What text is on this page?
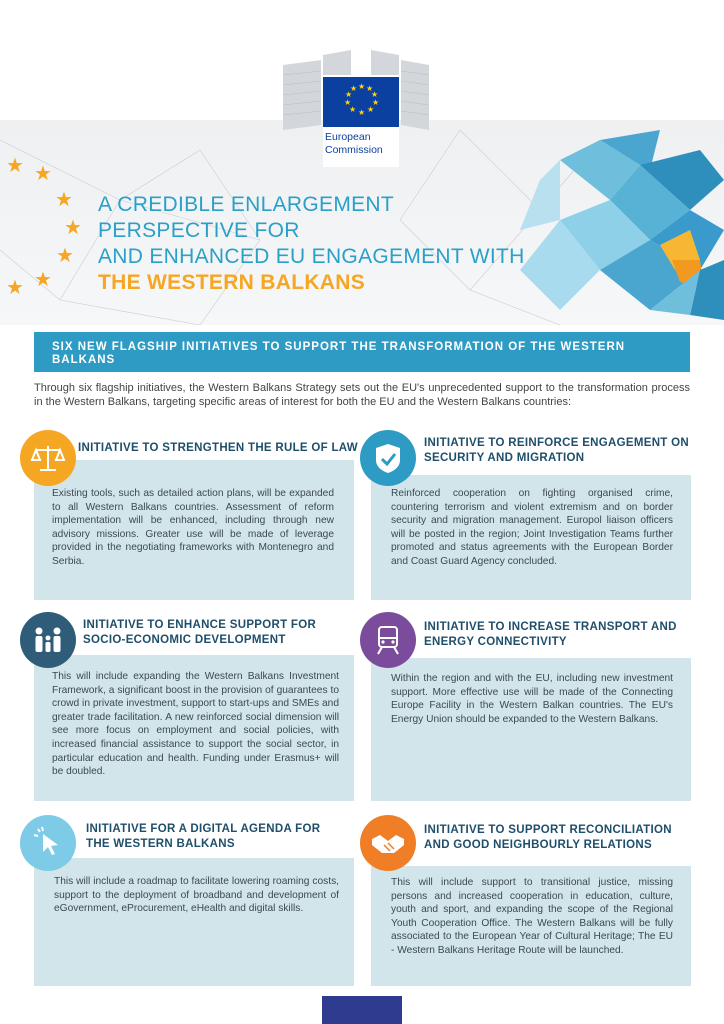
★ ★
★
★
★
★
★
★ ★
★
★
★
★
★
★
★
★
European
Commission
A CREDIBLE ENLARGEMENT PERSPECTIVE FOR
AND ENHANCED EU ENGAGEMENT WITH
THE WESTERN BALKANS
SIX NEW FLAGSHIP INITIATIVES TO SUPPORT THE TRANSFORMATION OF THE WESTERN BALKANS
Through six flagship initiatives, the Western Balkans Strategy sets out the EU's unprecedented support to the transformation process in the Western Balkans, targeting specific areas of interest for both the EU and the Western Balkans countries:
INITIATIVE TO STRENGTHEN THE RULE OF LAW
Existing tools, such as detailed action plans, will be expanded to all Western Balkans countries. Assessment of reform implementation will be enhanced, including through new advisory missions. Greater use will be made of leverage provided in the negotiating frameworks with Montenegro and Serbia.
INITIATIVE TO REINFORCE ENGAGEMENT ON SECURITY AND MIGRATION
Reinforced cooperation on fighting organised crime, countering terrorism and violent extremism and on border security and migration management. Europol liaison officers will be posted in the region; Joint Investigation Teams further promoted and status agreements with the European Border and Coast Guard Agency concluded.
INITIATIVE TO ENHANCE SUPPORT FOR SOCIO-ECONOMIC DEVELOPMENT
This will include expanding the Western Balkans Investment Framework, a significant boost in the provision of guarantees to crowd in private investment, support to start-ups and SMEs and greater trade facilitation. A new reinforced social dimension will see more focus on employment and social policies, with increased financial assistance to support the social sector, in particular education and health. Funding under Erasmus+ will be doubled.
INITIATIVE TO INCREASE TRANSPORT AND ENERGY CONNECTIVITY
Within the region and with the EU, including new investment support. More effective use will be made of the Connecting Europe Facility in the Western Balkan countries. The EU's Energy Union should be expanded to the Western Balkans.
INITIATIVE FOR A DIGITAL AGENDA FOR THE WESTERN BALKANS
This will include a roadmap to facilitate lowering roaming costs, support to the deployment of broadband and development of eGovernment, eProcurement, eHealth and digital skills.
INITIATIVE TO SUPPORT RECONCILIATION AND GOOD NEIGHBOURLY RELATIONS
This will include support to transitional justice, missing persons and increased cooperation in education, culture, youth and sport, and expanding the scope of the Regional Youth Cooperation Office. The Western Balkans will be fully associated to the European Year of Cultural Heritage; The EU - Western Balkans Heritage Route will be launched.
